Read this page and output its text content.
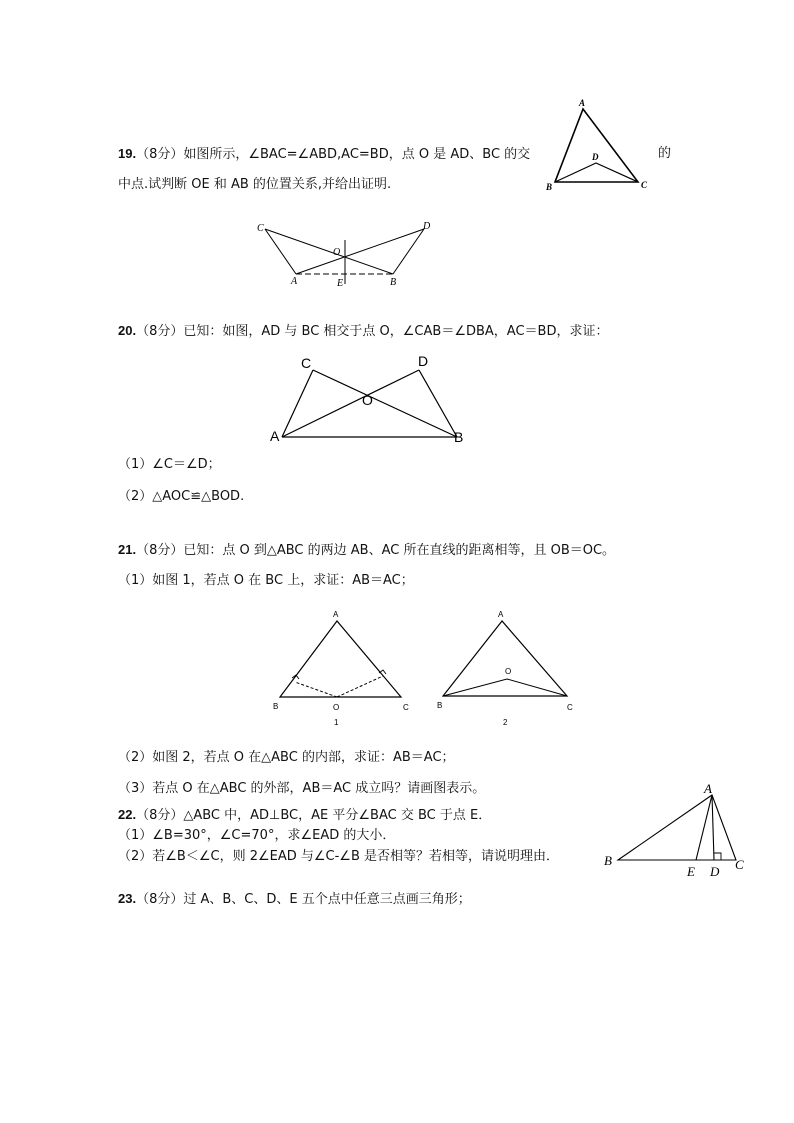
19.（8分）如图所示，∠BAC=∠ABD,AC=BD，点 O 是 AD、BC 的交
A
B	C
D	的
中点.试判断 OE 和 AB 的位置关系,并给出证明.
C	D
O
A	E	B
20.（8分）已知：如图，AD 与 BC 相交于点 O，∠CAB＝∠DBA，AC＝BD，求证：
C	D
O
A	B
（1）∠C＝∠D；
（2）△AOC≌△BOD.
21.（8分）已知：点 O 到△ABC 的两边 AB、AC 所在直线的距离相等，且 OB＝OC。
（1）如图 1，若点 O 在 BC 上，求证：AB＝AC；
A
B	O	C
1
A
B
O
C
2
（2）如图 2，若点 O 在△ABC 的内部，求证：AB＝AC；
（3）若点 O 在△ABC 的外部，AB＝AC 成立吗？请画图表示。
22.（8分）△ABC 中，AD⊥BC，AE 平分∠BAC 交 BC 于点 E．
（1）∠B=30°，∠C=70°，求∠EAD 的大小．
（2）若∠B＜∠C，则 2∠EAD 与∠C-∠B 是否相等？若相等，请说明理由．
A
B
E D C
23.（8分）过 A、B、C、D、E 五个点中任意三点画三角形；
